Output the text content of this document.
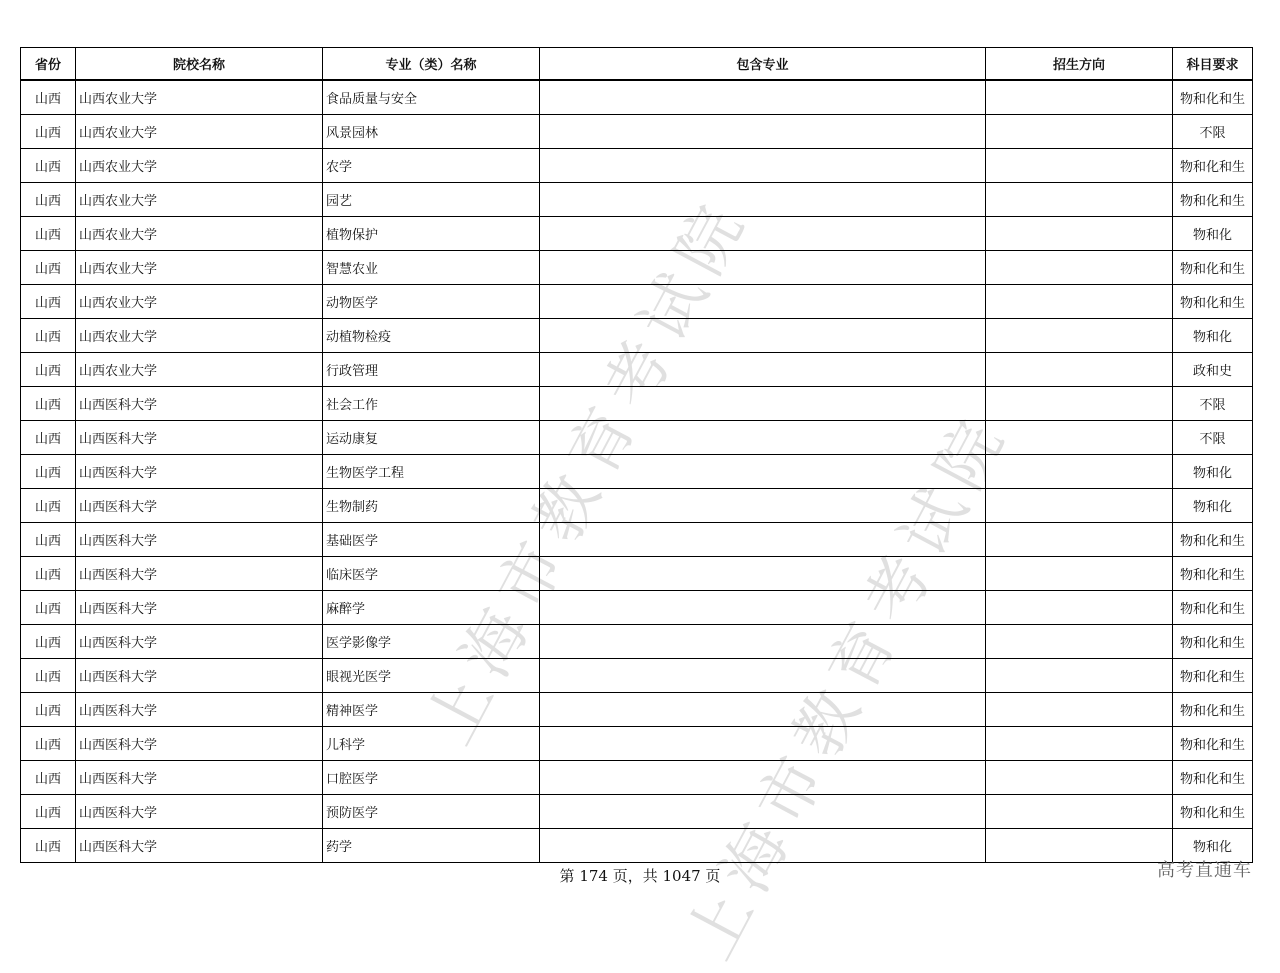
上海市教育考试院
上海市教育考试院
省份	院校名称	专业（类）名称	包含专业	招生方向	科目要求
山西	山西农业大学	食品质量与安全			物和化和生
山西	山西农业大学	风景园林			不限
山西	山西农业大学	农学			物和化和生
山西	山西农业大学	园艺			物和化和生
山西	山西农业大学	植物保护			物和化
山西	山西农业大学	智慧农业			物和化和生
山西	山西农业大学	动物医学			物和化和生
山西	山西农业大学	动植物检疫			物和化
山西	山西农业大学	行政管理			政和史
山西	山西医科大学	社会工作			不限
山西	山西医科大学	运动康复			不限
山西	山西医科大学	生物医学工程			物和化
山西	山西医科大学	生物制药			物和化
山西	山西医科大学	基础医学			物和化和生
山西	山西医科大学	临床医学			物和化和生
山西	山西医科大学	麻醉学			物和化和生
山西	山西医科大学	医学影像学			物和化和生
山西	山西医科大学	眼视光医学			物和化和生
山西	山西医科大学	精神医学			物和化和生
山西	山西医科大学	儿科学			物和化和生
山西	山西医科大学	口腔医学			物和化和生
山西	山西医科大学	预防医学			物和化和生
山西	山西医科大学	药学			物和化
第 174 页，共 1047 页	高考直通车
